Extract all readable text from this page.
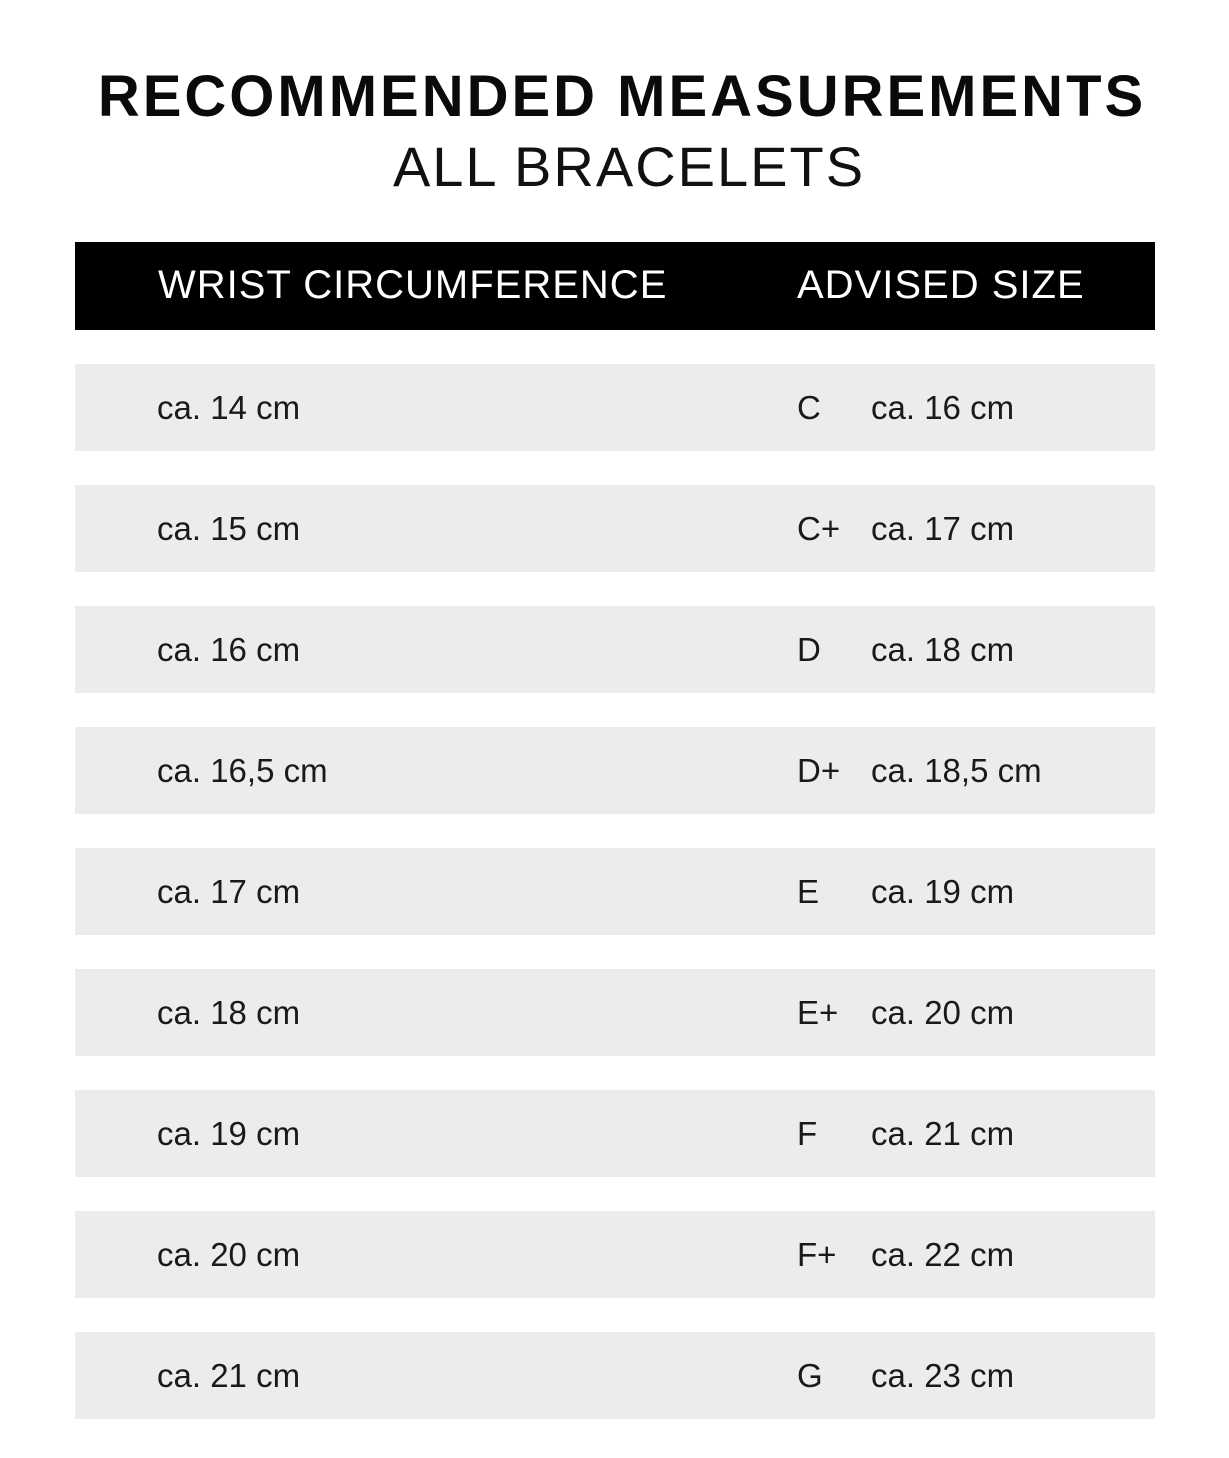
RECOMMENDED MEASUREMENTS
ALL BRACELETS
WRIST CIRCUMFERENCE	ADVISED SIZE
ca. 14 cm	C ca. 16 cm
ca. 15 cm	C+ ca. 17 cm
ca. 16 cm	D ca. 18 cm
ca. 16,5 cm	D+ ca. 18,5 cm
ca. 17 cm	E ca. 19 cm
ca. 18 cm	E+ ca. 20 cm
ca. 19 cm	F ca. 21 cm
ca. 20 cm	F+ ca. 22 cm
ca. 21 cm	G ca. 23 cm
